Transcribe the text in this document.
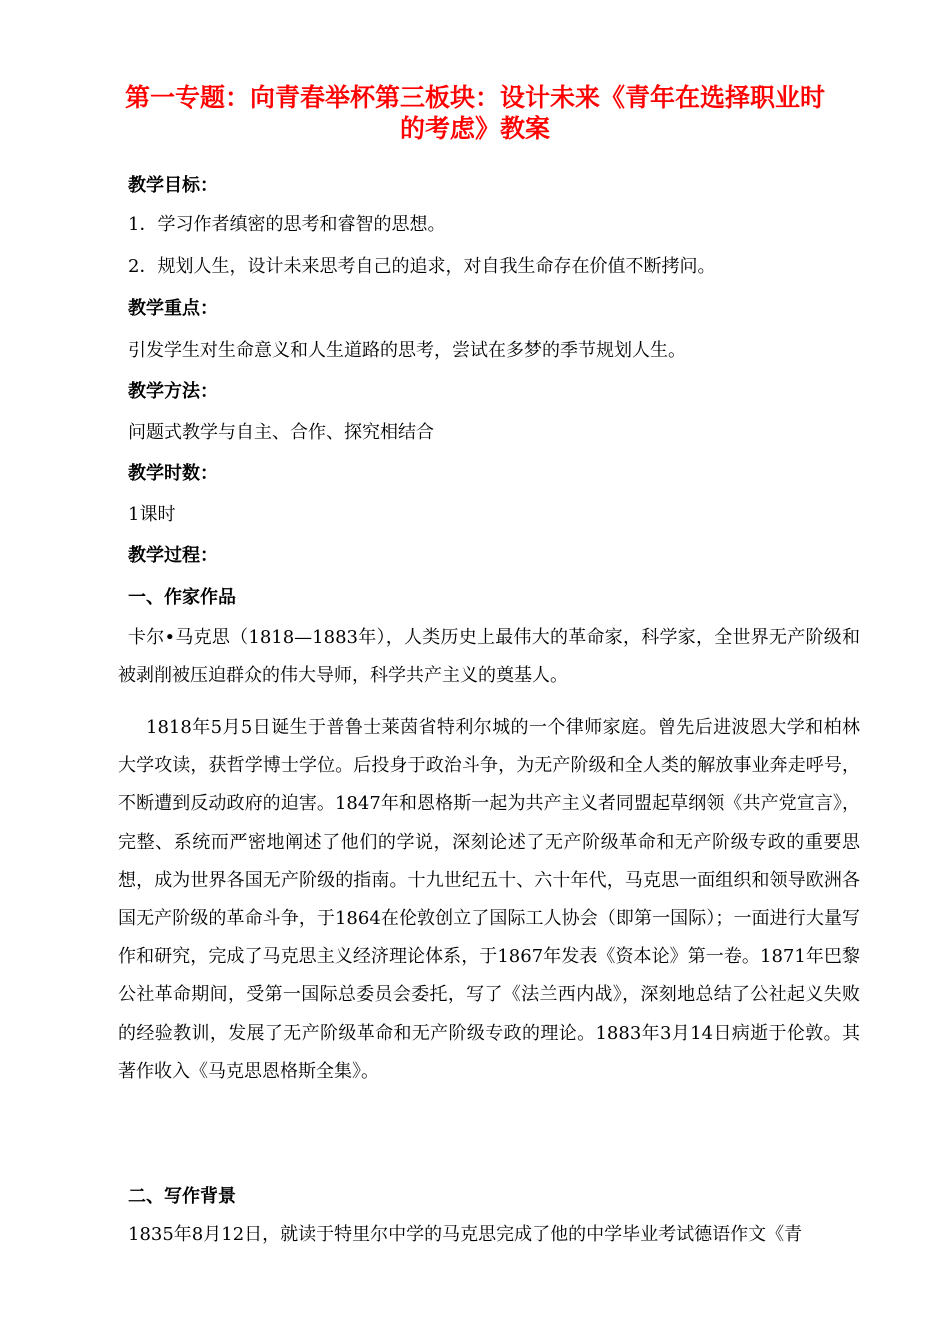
第一专题：向青春举杯第三板块：设计未来《青年在选择职业时
的考虑》教案
教学目标：
1．学习作者缜密的思考和睿智的思想。
2．规划人生，设计未来思考自己的追求，对自我生命存在价值不断拷问。
教学重点：
引发学生对生命意义和人生道路的思考，尝试在多梦的季节规划人生。
教学方法：
问题式教学与自主、合作、探究相结合
教学时数：
1课时
教学过程：
一、作家作品
卡尔•马克思（1818—1883年），人类历史上最伟大的革命家，科学家，全世界无产阶级和被剥削被压迫群众的伟大导师，科学共产主义的奠基人。
1818年5月5日诞生于普鲁士莱茵省特利尔城的一个律师家庭。曾先后进波恩大学和柏林大学攻读，获哲学博士学位。后投身于政治斗争，为无产阶级和全人类的解放事业奔走呼号，不断遭到反动政府的迫害。1847年和恩格斯一起为共产主义者同盟起草纲领《共产党宣言》，完整、系统而严密地阐述了他们的学说，深刻论述了无产阶级革命和无产阶级专政的重要思想，成为世界各国无产阶级的指南。十九世纪五十、六十年代，马克思一面组织和领导欧洲各国无产阶级的革命斗争，于1864在伦敦创立了国际工人协会（即第一国际）；一面进行大量写作和研究，完成了马克思主义经济理论体系，于1867年发表《资本论》第一卷。1871年巴黎公社革命期间，受第一国际总委员会委托，写了《法兰西内战》，深刻地总结了公社起义失败的经验教训，发展了无产阶级革命和无产阶级专政的理论。1883年3月14日病逝于伦敦。其著作收入《马克思恩格斯全集》。
二、写作背景
1835年8月12日，就读于特里尔中学的马克思完成了他的中学毕业考试德语作文《青
